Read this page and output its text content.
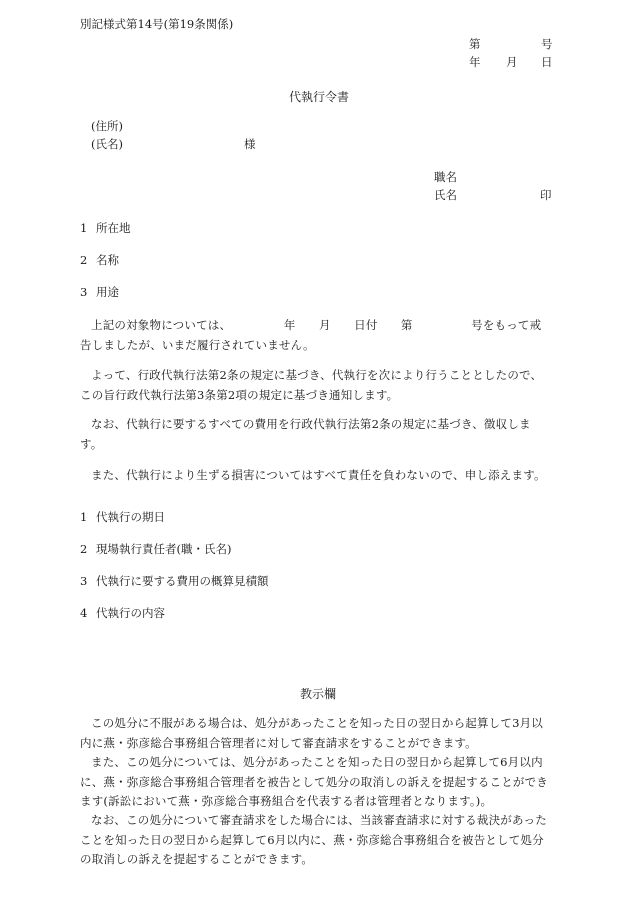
別記様式第14号(第19条関係)
第	号
年 月 日
代執行令書
(住所)
(氏名)	様
職名
氏名	印
1 所在地
2 名称
3 用途
上記の対象物については、　　　　　年　　月　　日付　　第　　　　　号をもって戒告しましたが、いまだ履行されていません。
よって、行政代執行法第2条の規定に基づき、代執行を次により行うこととしたので、この旨行政代執行法第3条第2項の規定に基づき通知します。
なお、代執行に要するすべての費用を行政代執行法第2条の規定に基づき、徴収します。
また、代執行により生ずる損害についてはすべて責任を負わないので、申し添えます。
1 代執行の期日
2 現場執行責任者(職・氏名)
3 代執行に要する費用の概算見積額
4 代執行の内容
教示欄
この処分に不服がある場合は、処分があったことを知った日の翌日から起算して3月以内に燕・弥彦総合事務組合管理者に対して審査請求をすることができます。
また、この処分については、処分があったことを知った日の翌日から起算して6月以内に、燕・弥彦総合事務組合管理者を被告として処分の取消しの訴えを提起することができます(訴訟において燕・弥彦総合事務組合を代表する者は管理者となります。)。
なお、この処分について審査請求をした場合には、当該審査請求に対する裁決があったことを知った日の翌日から起算して6月以内に、燕・弥彦総合事務組合を被告として処分の取消しの訴えを提起することができます。
